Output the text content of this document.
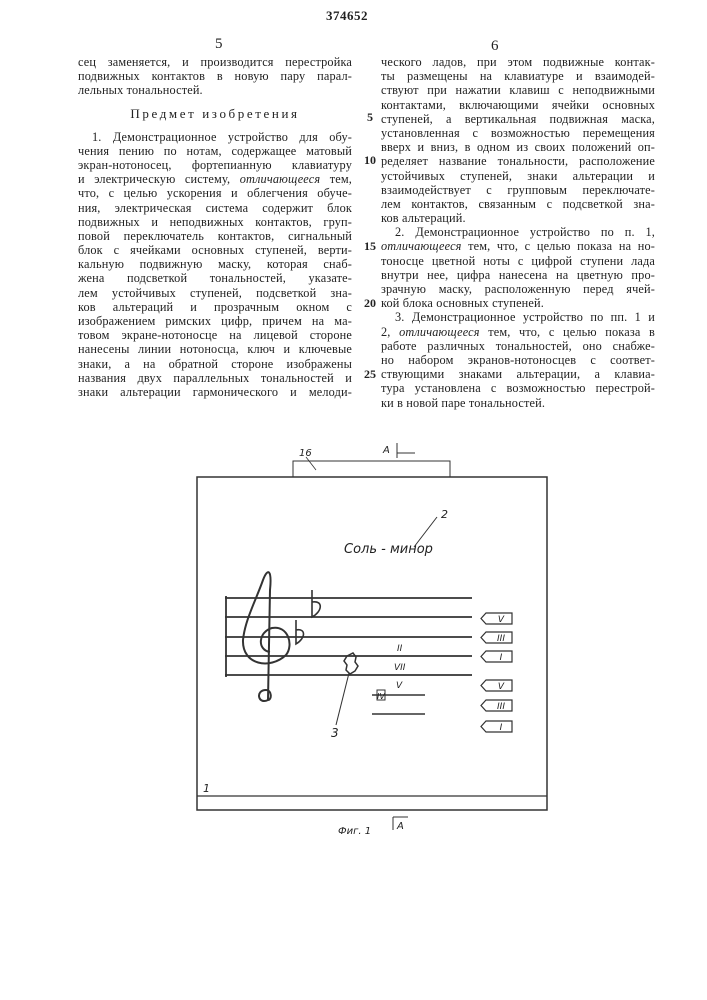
374652
5	6
сец заменяется, и производится перестройка
подвижных контактов в новую пару парал-
лельных тональностей.
Предмет изобретения
1. Демонстрационное устройство для обу-
чения пению по нотам, содержащее матовый
экран-нотоносец, фортепианную клавиатуру
и электрическую систему, отличающееся тем,
что, с целью ускорения и облегчения обуче-
ния, электрическая система содержит блок
подвижных и неподвижных контактов, груп-
повой переключатель контактов, сигнальный
блок с ячейками основных ступеней, верти-
кальную подвижную маску, которая снаб-
жена подсветкой тональностей, указате-
лем устойчивых ступеней, подсветкой зна-
ков альтераций и прозрачным окном с
изображением римских цифр, причем на ма-
товом экране-нотоносце на лицевой стороне
нанесены линии нотоносца, ключ и ключевые
знаки, а на обратной стороне изображены
названия двух параллельных тональностей и
знаки альтерации гармонического и мелоди-
ческого ладов, при этом подвижные контак-
ты размещены на клавиатуре и взаимодей-
ствуют при нажатии клавиш с неподвижными
контактами, включающими ячейки основных
ступеней, а вертикальная подвижная маска,
установленная с возможностью перемещения
вверх и вниз, в одном из своих положений оп-
ределяет название тональности, расположение
устойчивых ступеней, знаки альтерации и
взаимодействует с групповым переключате-
лем контактов, связанным с подсветкой зна-
ков альтераций.
2. Демонстрационное устройство по п. 1,
отличающееся тем, что, с целью показа на но-
тоносце цветной ноты с цифрой ступени лада
внутри нее, цифра нанесена на цветную про-
зрачную маску, расположенную перед ячей-
кой блока основных ступеней.
3. Демонстрационное устройство по пп. 1 и
2, отличающееся тем, что, с целью показа в
работе различных тональностей, оно снабже-
но набором экранов-нотоносцев с соответ-
ствующими знаками альтерации, а клавиа-
тура установлена с возможностью перестрой-
ки в новой паре тональностей.
5
10
15
20
25
V
III
I
V
III
I
II
VII
V
IV
Соль - минор
16	А
2
3
1
А
Фиг. 1
